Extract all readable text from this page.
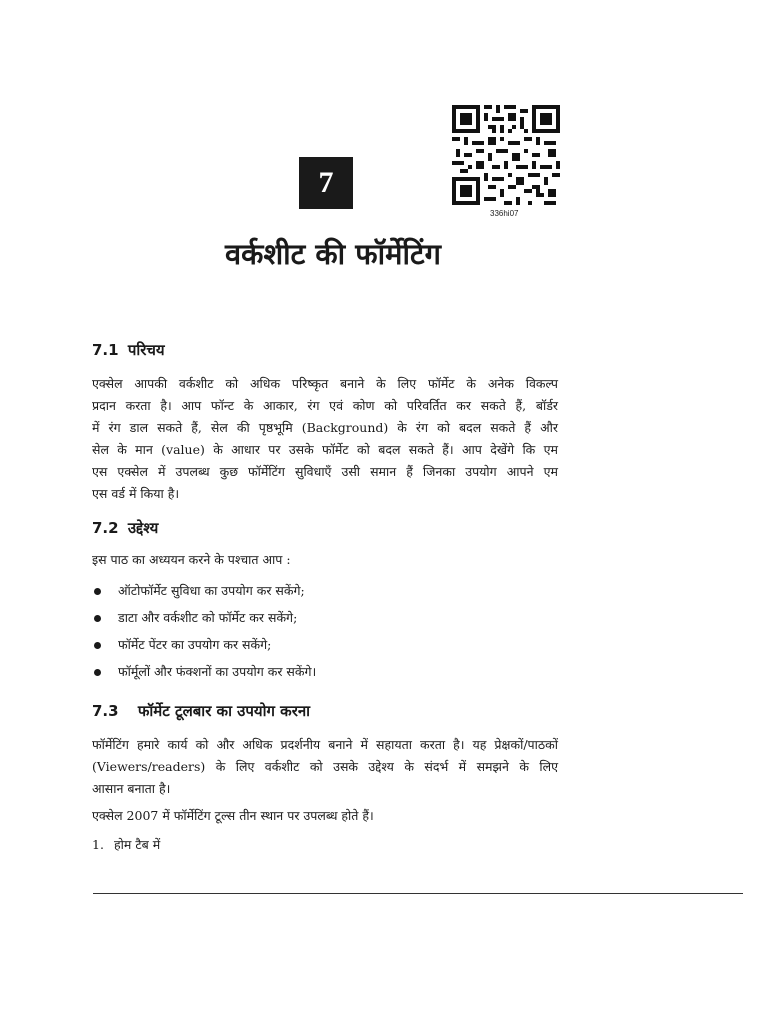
7
336hi07
वर्कशीट की फॉर्मेटिंग
7.1 परिचय
एक्सेल आपकी वर्कशीट को अधिक परिष्कृत बनाने के लिए फॉर्मेट के अनेक विकल्प
प्रदान करता है। आप फॉन्ट के आकार, रंग एवं कोण को परिवर्तित कर सकते हैं, बॉर्डर
में रंग डाल सकते हैं, सेल की पृष्ठभूमि (Background) के रंग को बदल सकते हैं और
सेल के मान (value) के आधार पर उसके फॉर्मेट को बदल सकते हैं। आप देखेंगे कि एम
एस एक्सेल में उपलब्ध कुछ फॉर्मेटिंग सुविधाएँ उसी समान हैं जिनका उपयोग आपने एम
एस वर्ड में किया है।
7.2 उद्देश्य
इस पाठ का अध्ययन करने के पश्चात आप :
ऑटोफॉर्मेट सुविधा का उपयोग कर सकेंगे;
डाटा और वर्कशीट को फॉर्मेट कर सकेंगे;
फॉर्मेट पेंटर का उपयोग कर सकेंगे;
फॉर्मूलों और फंक्शनों का उपयोग कर सकेंगे।
7.3 फॉर्मेट टूलबार का उपयोग करना
फॉर्मेटिंग हमारे कार्य को और अधिक प्रदर्शनीय बनाने में सहायता करता है। यह प्रेक्षकों/पाठकों
(Viewers/readers) के लिए वर्कशीट को उसके उद्देश्य के संदर्भ में समझने के लिए
आसान बनाता है।
एक्सेल 2007 में फॉर्मेटिंग टूल्स तीन स्थान पर उपलब्ध होते हैं।
1. होम टैब में
